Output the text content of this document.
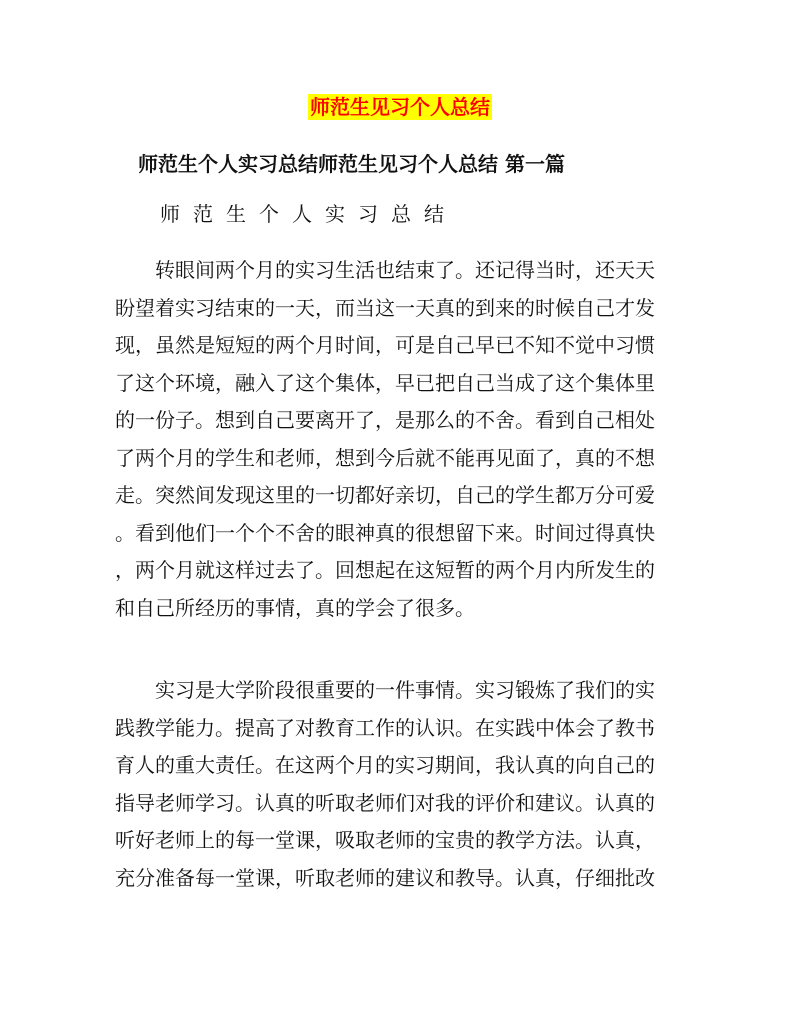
师范生见习个人总结
师范生个人实习总结师范生见习个人总结 第一篇
师范生个人实习总结
　　转眼间两个月的实习生活也结束了。还记得当时，还天天
盼望着实习结束的一天，而当这一天真的到来的时候自己才发
现，虽然是短短的两个月时间，可是自己早已不知不觉中习惯
了这个环境，融入了这个集体，早已把自己当成了这个集体里
的一份子。想到自己要离开了，是那么的不舍。看到自己相处
了两个月的学生和老师，想到今后就不能再见面了，真的不想
走。突然间发现这里的一切都好亲切，自己的学生都万分可爱
。看到他们一个个不舍的眼神真的很想留下来。时间过得真快
，两个月就这样过去了。回想起在这短暂的两个月内所发生的
和自己所经历的事情，真的学会了很多。
　　实习是大学阶段很重要的一件事情。实习锻炼了我们的实
践教学能力。提高了对教育工作的认识。在实践中体会了教书
育人的重大责任。在这两个月的实习期间，我认真的向自己的
指导老师学习。认真的听取老师们对我的评价和建议。认真的
听好老师上的每一堂课，吸取老师的宝贵的教学方法。认真，
充分准备每一堂课，听取老师的建议和教导。认真，仔细批改
